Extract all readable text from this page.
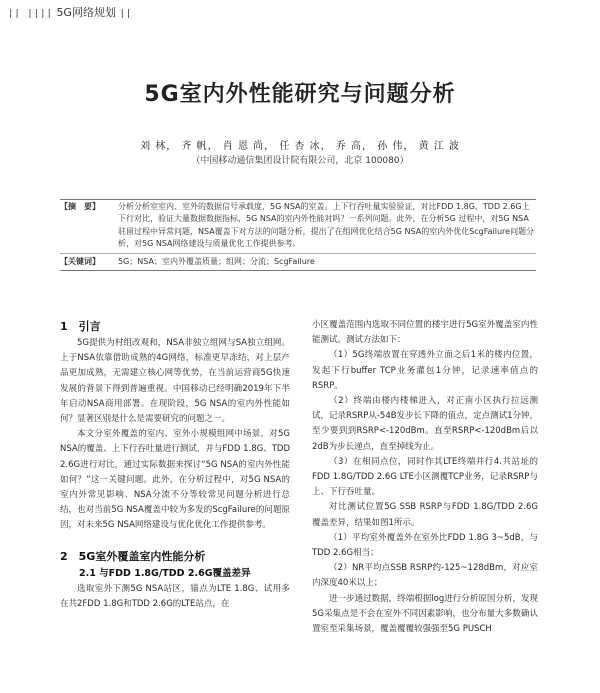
|| |||| 5G网络规划 ||
5G室内外性能研究与问题分析
刘 林， 齐 帆， 肖 恩 尚， 任 杏 冰， 乔 高， 孙 伟， 黄 江 波
（中国移动通信集团设计院有限公司，北京 100080）
【摘　要】	分析分析室室内、室外的数据信号承载度，5G NSA的室盖。上下行吞吐量实验验证，对比FDD 1.8G、TDD 2.6G上下行对比，验证大量数据数据指标，5G NSA的室内外性能对吗？一系列问题。此外，在分析5G 过程中，对5G NSA驻留过程中异常问题，NSA覆盖下对方法的问题分析，提出了在组网优化结合5G NSA的室内外优化ScgFailure问题分析，对5G NSA网络建设与质量优化工作提供参考。
【关键词】	5G；NSA；室内外覆盖质量；组网；分流；ScgFailure

1　引言

5G提供为村组改观和，NSA非独立组网与SA独立组网。上于NSA依靠借助成熟的4G网络，标准更早冻结，对上层产品更加成熟，无需建立核心网等优势，在当前运营商5G快速发展的背景下得到普遍重视。中国移动已经明确2019年下半年启动NSA商用部署。在现阶段，5G NSA的室内外性能如何？显著区别是什么是需要研究的问题之一。

本文分室外覆盖的室内、室外小规模组网中场景，对5G NSA的覆盖、上下行吞吐量进行测试，并与FDD 1.8G、TDD 2.6G进行对比，通过实际数据来探讨“5G NSA的室内外性能如何？”这一关键问题。此外，在分析过程中，对5G NSA的室内外常见影响、NSA分流不分等较常见问题分析进行总结，也对当前5G NSA覆盖中较为多发的ScgFailure的问题原因，对未来5G NSA网络建设与优化优化工作提供参考。

2　5G室外覆盖室内性能分析

2.1 与FDD 1.8G/TDD 2.6G覆盖差异

选取室外下测5G NSA站区，锚点为LTE 1.8G、试用多在共2FDD 1.8G和TDD 2.6G的LTE站点，在

小区覆盖范围内选取不同位置的楼宇进行5G室外覆盖室内性能测试。测试方法如下：

（1）5G终端放置在穿透外立面之后1米的楼内位置，发起下行buffer TCP业务灌包1分钟，记录速率值点的RSRP。

（2）终端由楼内楼梯进入，对正南小区执行拉远测试，记录RSRP从-54B发步长下降的值点，定点测试1分钟，至少要到到RSRP<-120dBm。直至RSRP<-120dBm后以2dB为步长递点，直至掉线为止。

（3）在相同点位，同时作其LTE终端并行4.共站址的FDD 1.8G/TDD 2.6G LTE小区测覆TCP业务，记录RSRP与上、下行吞吐量。

对比测试位置5G SSB RSRP与FDD 1.8G/TDD 2.6G覆盖差异，结果如图1所示。

（1）平均室外覆盖外在室外比FDD 1.8G 3~5dB，与TDD 2.6G相当；

（2）NR平均点SSB RSRP约-125~128dBm，对应室内深度40米以上；

进一步通过数据，终端根据log进行分析原因分析，发现5G采集点是不会在室外不同因素影响，也分布量大多数确认置室至采集场景，覆盖覆覆较强强至5G PUSCH
